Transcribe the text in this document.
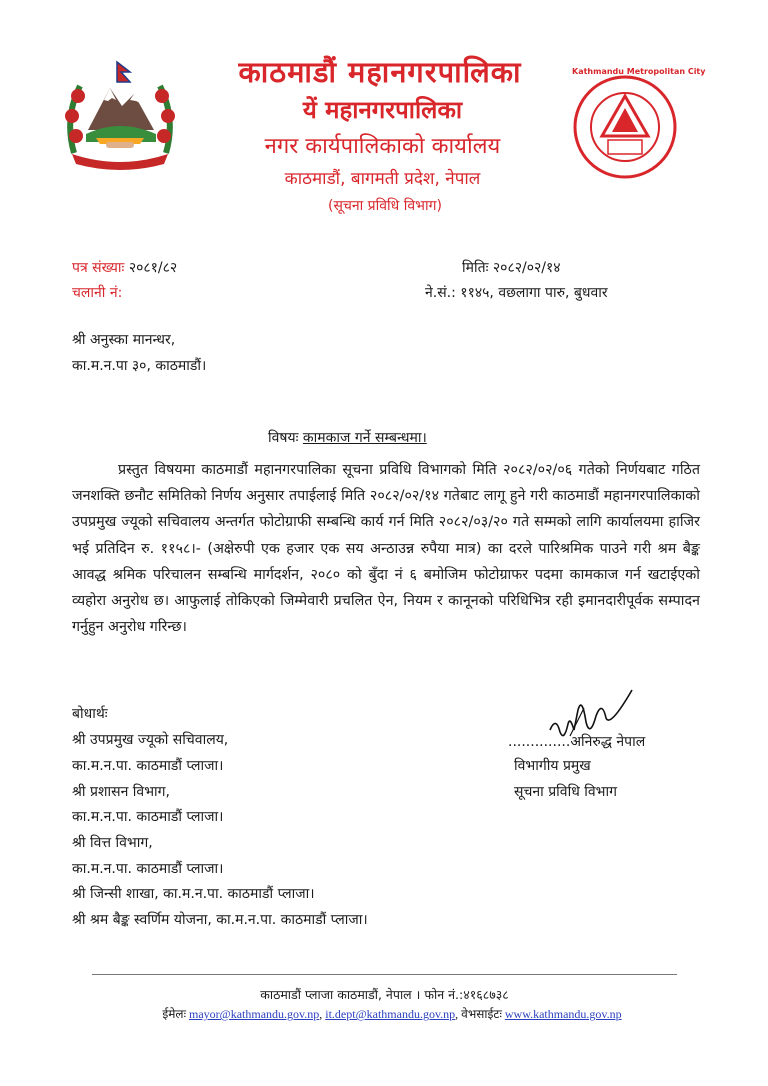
Kathmandu Metropolitan City
काठमाडौं महानगरपालिका
यें महानगरपालिका
नगर कार्यपालिकाको कार्यालय
काठमाडौं, बागमती प्रदेश, नेपाल
(सूचना प्रविधि विभाग)
पत्र संख्याः २०८१/८२
चलानी नं:
मितिः २०८२/०२/१४
ने.सं.: ११४५, वछलागा पारु, बुधवार
श्री अनुस्का मानन्धर,
का.म.न.पा ३०, काठमाडौं।
विषयः कामकाज गर्ने सम्बन्धमा।
प्रस्तुत विषयमा काठमाडौं महानगरपालिका सूचना प्रविधि विभागको मिति २०८२/०२/०६ गतेको निर्णयबाट गठित जनशक्ति छनौट समितिको निर्णय अनुसार तपाईलाई मिति २०८२/०२/१४ गतेबाट लागू हुने गरी काठमाडौं महानगरपालिकाको उपप्रमुख ज्यूको सचिवालय अन्तर्गत फोटोग्राफी सम्बन्धि कार्य गर्न मिति २०८२/०३/२० गते सम्मको लागि कार्यालयमा हाजिर भई प्रतिदिन रु. ११५८।- (अक्षेरुपी एक हजार एक सय अन्ठाउन्न रुपैया मात्र) का दरले पारिश्रमिक पाउने गरी श्रम बैङ्क आवद्ध श्रमिक परिचालन सम्बन्धि मार्गदर्शन, २०८० को बुँदा नं ६ बमोजिम फोटोग्राफर पदमा कामकाज गर्न खटाईएको व्यहोरा अनुरोध छ। आफुलाई तोकिएको जिम्मेवारी प्रचलित ऐन, नियम र कानूनको परिधिभित्र रही इमानदारीपूर्वक सम्पादन गर्नुहुन अनुरोध गरिन्छ।
..............अनिरुद्ध नेपाल
विभागीय प्रमुख
सूचना प्रविधि विभाग
बोधार्थः
श्री उपप्रमुख ज्यूको सचिवालय,
का.म.न.पा. काठमाडौं प्लाजा।
श्री प्रशासन विभाग,
का.म.न.पा. काठमाडौं प्लाजा।
श्री वित्त विभाग,
का.म.न.पा. काठमाडौं प्लाजा।
श्री जिन्सी शाखा, का.म.न.पा. काठमाडौं प्लाजा।
श्री श्रम बैङ्क स्वर्णिम योजना, का.म.न.पा. काठमाडौं प्लाजा।
काठमाडौं प्लाजा काठमाडौं, नेपाल । फोन नं.:४१६८७३८
ईमेलः mayor@kathmandu.gov.np, it.dept@kathmandu.gov.np, वेभसाईटः www.kathmandu.gov.np
